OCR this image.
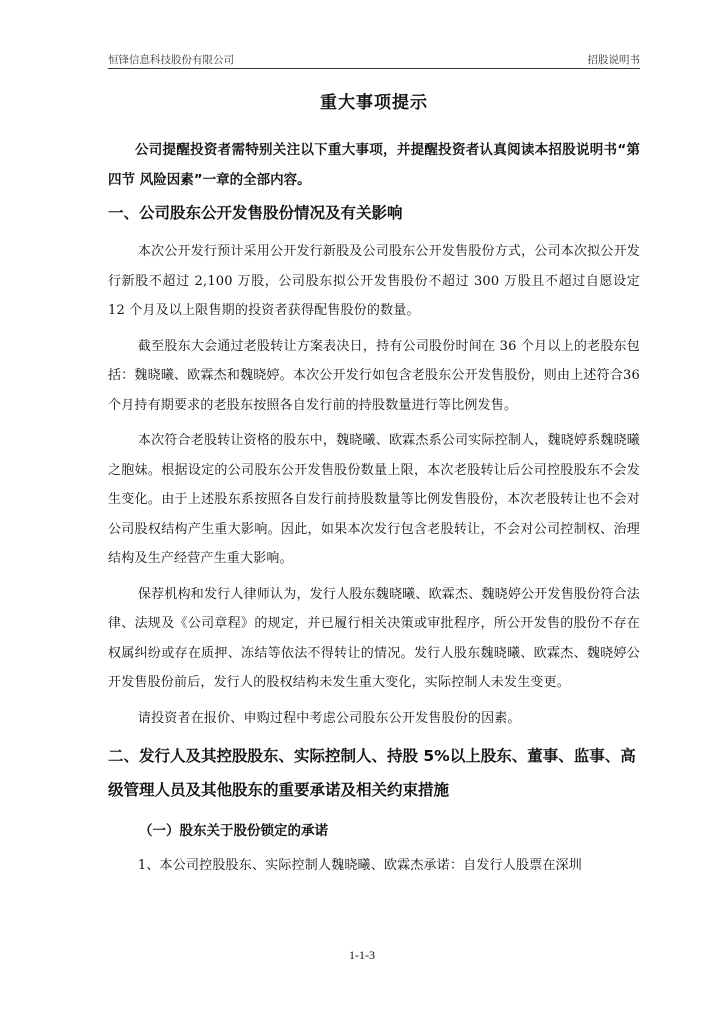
恒锋信息科技股份有限公司	招股说明书
重大事项提示

公司提醒投资者需特别关注以下重大事项，并提醒投资者认真阅读本招股说明书“第四节 风险因素”一章的全部内容。

一、公司股东公开发售股份情况及有关影响

本次公开发行预计采用公开发行新股及公司股东公开发售股份方式，公司本次拟公开发行新股不超过 2,100 万股，公司股东拟公开发售股份不超过 300 万股且不超过自愿设定 12 个月及以上限售期的投资者获得配售股份的数量。

截至股东大会通过老股转让方案表决日，持有公司股份时间在 36 个月以上的老股东包括：魏晓曦、欧霖杰和魏晓婷。本次公开发行如包含老股东公开发售股份，则由上述符合36个月持有期要求的老股东按照各自发行前的持股数量进行等比例发售。

本次符合老股转让资格的股东中，魏晓曦、欧霖杰系公司实际控制人，魏晓婷系魏晓曦之胞妹。根据设定的公司股东公开发售股份数量上限，本次老股转让后公司控股股东不会发生变化。由于上述股东系按照各自发行前持股数量等比例发售股份，本次老股转让也不会对公司股权结构产生重大影响。因此，如果本次发行包含老股转让，不会对公司控制权、治理结构及生产经营产生重大影响。

保荐机构和发行人律师认为，发行人股东魏晓曦、欧霖杰、魏晓婷公开发售股份符合法律、法规及《公司章程》的规定，并已履行相关决策或审批程序，所公开发售的股份不存在权属纠纷或存在质押、冻结等依法不得转让的情况。发行人股东魏晓曦、欧霖杰、魏晓婷公开发售股份前后，发行人的股权结构未发生重大变化，实际控制人未发生变更。

请投资者在报价、申购过程中考虑公司股东公开发售股份的因素。

二、发行人及其控股股东、实际控制人、持股 5%以上股东、董事、监事、高级管理人员及其他股东的重要承诺及相关约束措施
（一）股东关于股份锁定的承诺

1、本公司控股股东、实际控制人魏晓曦、欧霖杰承诺：自发行人股票在深圳

1-1-3
